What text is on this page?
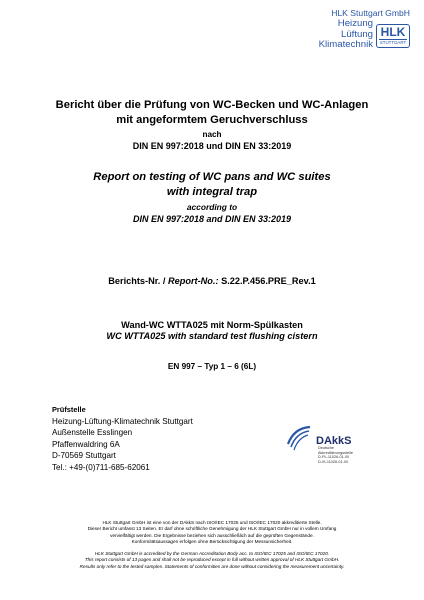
HLK Stuttgart GmbH
Heizung
Lüftung
Klimatechnik
HLK
STUTTGART
Bericht über die Prüfung von WC-Becken und WC-Anlagen
mit angeformtem Geruchverschluss
nach
DIN EN 997:2018 und DIN EN 33:2019
Report on testing of WC pans and WC suites
with integral trap
according to
DIN EN 997:2018 and DIN EN 33:2019
Berichts-Nr. / Report-No.: S.22.P.456.PRE_Rev.1
Wand-WC WTTA025 mit Norm-Spülkasten
WC WTTA025 with standard test flushing cistern
EN 997 – Typ 1 – 6 (6L)
Prüfstelle
Heizung-Lüftung-Klimatechnik Stuttgart
Außenstelle Esslingen
Pfaffenwaldring 6A
D-70569 Stuttgart
Tel.: +49-(0)711-685-62061
DAkkS
Deutsche
Akkreditierungsstelle
D-PL-11026-01-00
D-IS-11026-01-00
HLK Stuttgart GmbH ist eine von der DAkkS nach ISO/IEC 17025 und ISO/IEC 17020 akkreditierte Stelle.
Dieser Bericht umfasst 13 Seiten. Er darf ohne schriftliche Genehmigung der HLK Stuttgart GmbH nur in vollem Umfang
vervielfältigt werden. Die Ergebnisse beziehen sich ausschließlich auf die geprüften Gegenstände.
Konformitätsaussagen erfolgen ohne Berücksichtigung der Messunsicherheit.
HLK Stuttgart GmbH is accredited by the German Accreditation Body acc. to ISO/IEC 17025 and ISO/IEC 17020.
This report consists of 13 pages and shall not be reproduced except in full without written approval of HLK Stuttgart GmbH.
Results only refer to the tested samples. Statements of conformities are done without considering the measurement uncertainty.
